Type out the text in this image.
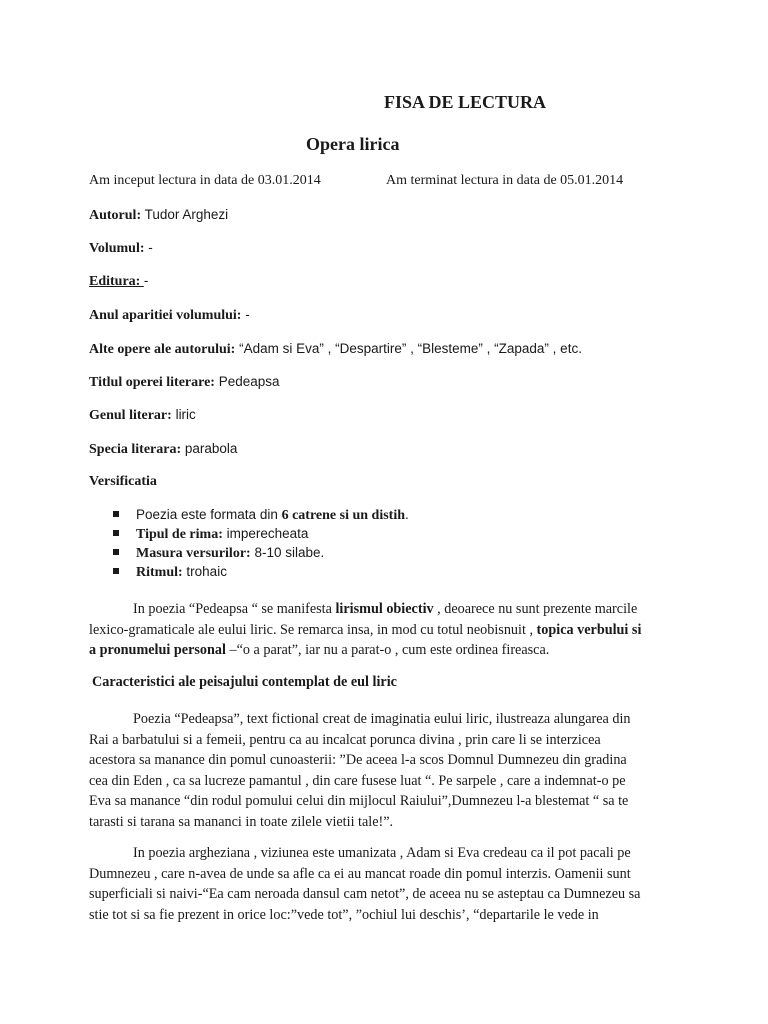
FISA DE LECTURA
Opera lirica
Am inceput lectura in data de 03.01.2014	Am terminat lectura in data de 05.01.2014
Autorul: Tudor Arghezi
Volumul: -
Editura: -
Anul aparitiei volumului: -
Alte opere ale autorului: “Adam si Eva” , “Despartire” , “Blesteme” , “Zapada” , etc.
Titlul operei literare: Pedeapsa
Genul literar: liric
Specia literara: parabola
Versificatia
Poezia este formata din 6 catrene si un distih.
Tipul de rima: imperecheata
Masura versurilor: 8-10 silabe.
Ritmul: trohaic
In poezia “Pedeapsa “ se manifesta lirismul obiectiv , deoarece nu sunt prezente marcile
lexico-gramaticale ale eului liric. Se remarca insa, in mod cu totul neobisnuit , topica verbului si
a pronumelui personal –“o a parat”, iar nu a parat-o , cum este ordinea fireasca.
Caracteristici ale peisajului contemplat de eul liric
Poezia “Pedeapsa”, text fictional creat de imaginatia eului liric, ilustreaza alungarea din
Rai a barbatului si a femeii, pentru ca au incalcat porunca divina , prin care li se interzicea
acestora sa manance din pomul cunoasterii: ”De aceea l-a scos Domnul Dumnezeu din gradina
cea din Eden , ca sa lucreze pamantul , din care fusese luat “. Pe sarpele , care a indemnat-o pe
Eva sa manance “din rodul pomului celui din mijlocul Raiului”,Dumnezeu l-a blestemat “ sa te
tarasti si tarana sa mananci in toate zilele vietii tale!”.
In poezia argheziana , viziunea este umanizata , Adam si Eva credeau ca il pot pacali pe
Dumnezeu , care n-avea de unde sa afle ca ei au mancat roade din pomul interzis. Oamenii sunt
superficiali si naivi-“Ea cam neroada dansul cam netot”, de aceea nu se asteptau ca Dumnezeu sa
stie tot si sa fie prezent in orice loc:”vede tot”, ”ochiul lui deschis’, “departarile le vede in
